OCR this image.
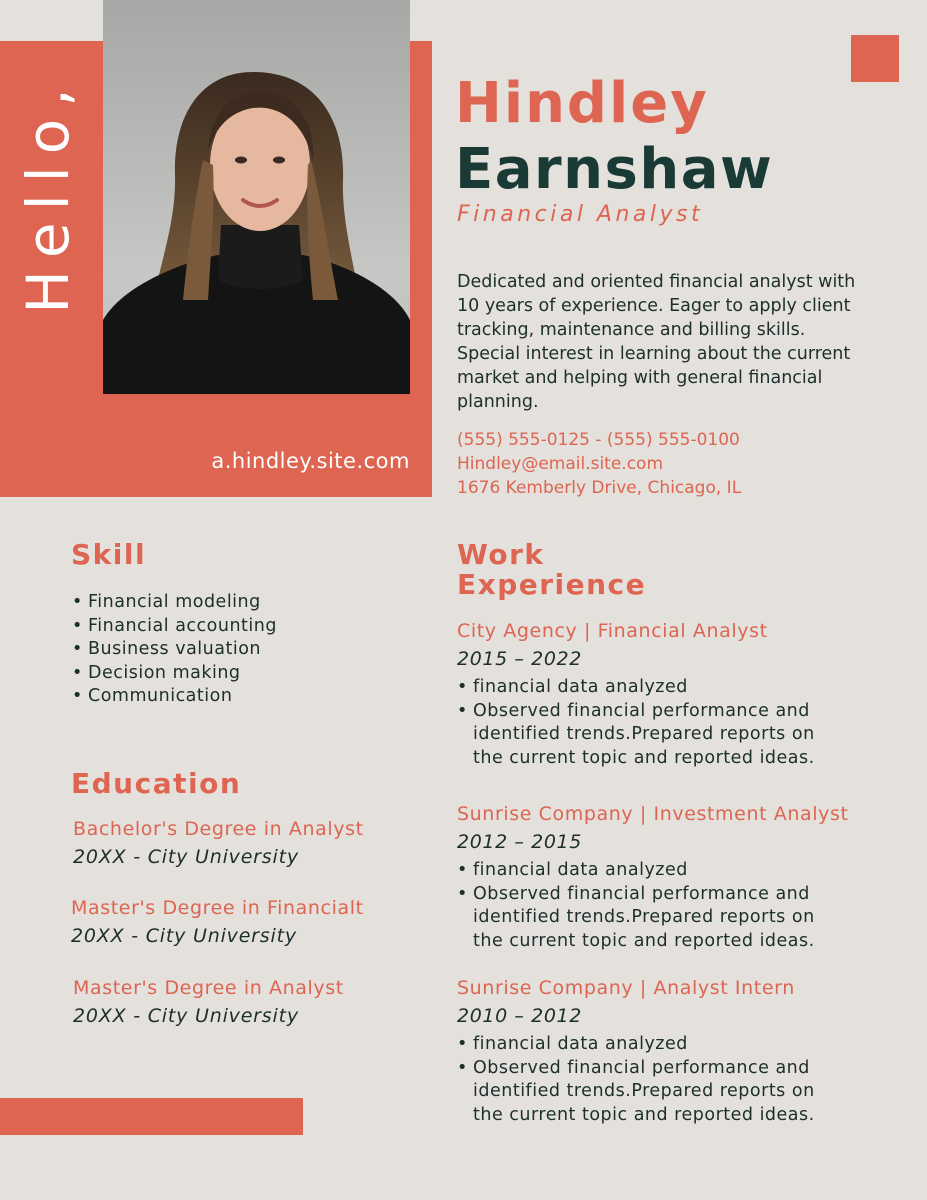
Hello,
a.hindley.site.com
Hindley
Earnshaw
Financial Analyst
Dedicated and oriented financial analyst with 10 years of experience. Eager to apply client tracking, maintenance and billing skills. Special interest in learning about the current market and helping with general financial planning.
(555) 555-0125 - (555) 555-0100
Hindley@email.site.com
1676 Kemberly Drive, Chicago, IL
Skill
• Financial modeling
• Financial accounting
• Business valuation
• Decision making
• Communication
Education
Bachelor's Degree in Analyst
20XX - City University
Master's Degree in Financialt
20XX - City University
Master's Degree in Analyst
20XX - City University
Work
Experience
City Agency | Financial Analyst
2015 – 2022
• financial data analyzed
• Observed financial performance and identified trends.Prepared reports on the current topic and reported ideas.
Sunrise Company | Investment Analyst
2012 – 2015
• financial data analyzed
• Observed financial performance and identified trends.Prepared reports on the current topic and reported ideas.
Sunrise Company | Analyst Intern
2010 – 2012
• financial data analyzed
• Observed financial performance and identified trends.Prepared reports on the current topic and reported ideas.
